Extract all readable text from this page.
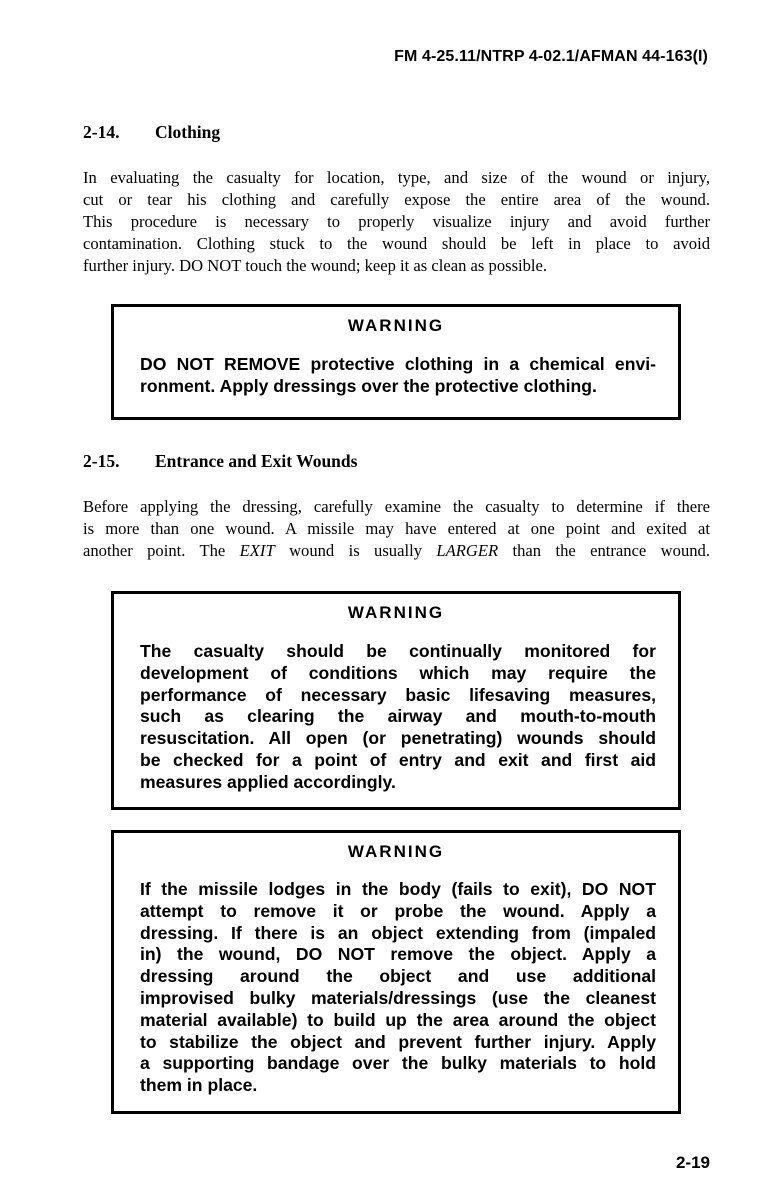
FM 4-25.11/NTRP 4-02.1/AFMAN 44-163(I)
2-14. Clothing
In evaluating the casualty for location, type, and size of the wound or injury,
cut or tear his clothing and carefully expose the entire area of the wound.
This procedure is necessary to properly visualize injury and avoid further
contamination. Clothing stuck to the wound should be left in place to avoid
further injury. DO NOT touch the wound; keep it as clean as possible.
WARNING
DO NOT REMOVE protective clothing in a chemical envi-
ronment. Apply dressings over the protective clothing.
2-15. Entrance and Exit Wounds
Before applying the dressing, carefully examine the casualty to determine if there
is more than one wound. A missile may have entered at one point and exited at
another point. The EXIT wound is usually LARGER than the entrance wound.
WARNING
The casualty should be continually monitored for
development of conditions which may require the
performance of necessary basic lifesaving measures,
such as clearing the airway and mouth-to-mouth
resuscitation. All open (or penetrating) wounds should
be checked for a point of entry and exit and first aid
measures applied accordingly.
WARNING
If the missile lodges in the body (fails to exit), DO NOT
attempt to remove it or probe the wound. Apply a
dressing. If there is an object extending from (impaled
in) the wound, DO NOT remove the object. Apply a
dressing around the object and use additional
improvised bulky materials/dressings (use the cleanest
material available) to build up the area around the object
to stabilize the object and prevent further injury. Apply
a supporting bandage over the bulky materials to hold
them in place.
2-19
